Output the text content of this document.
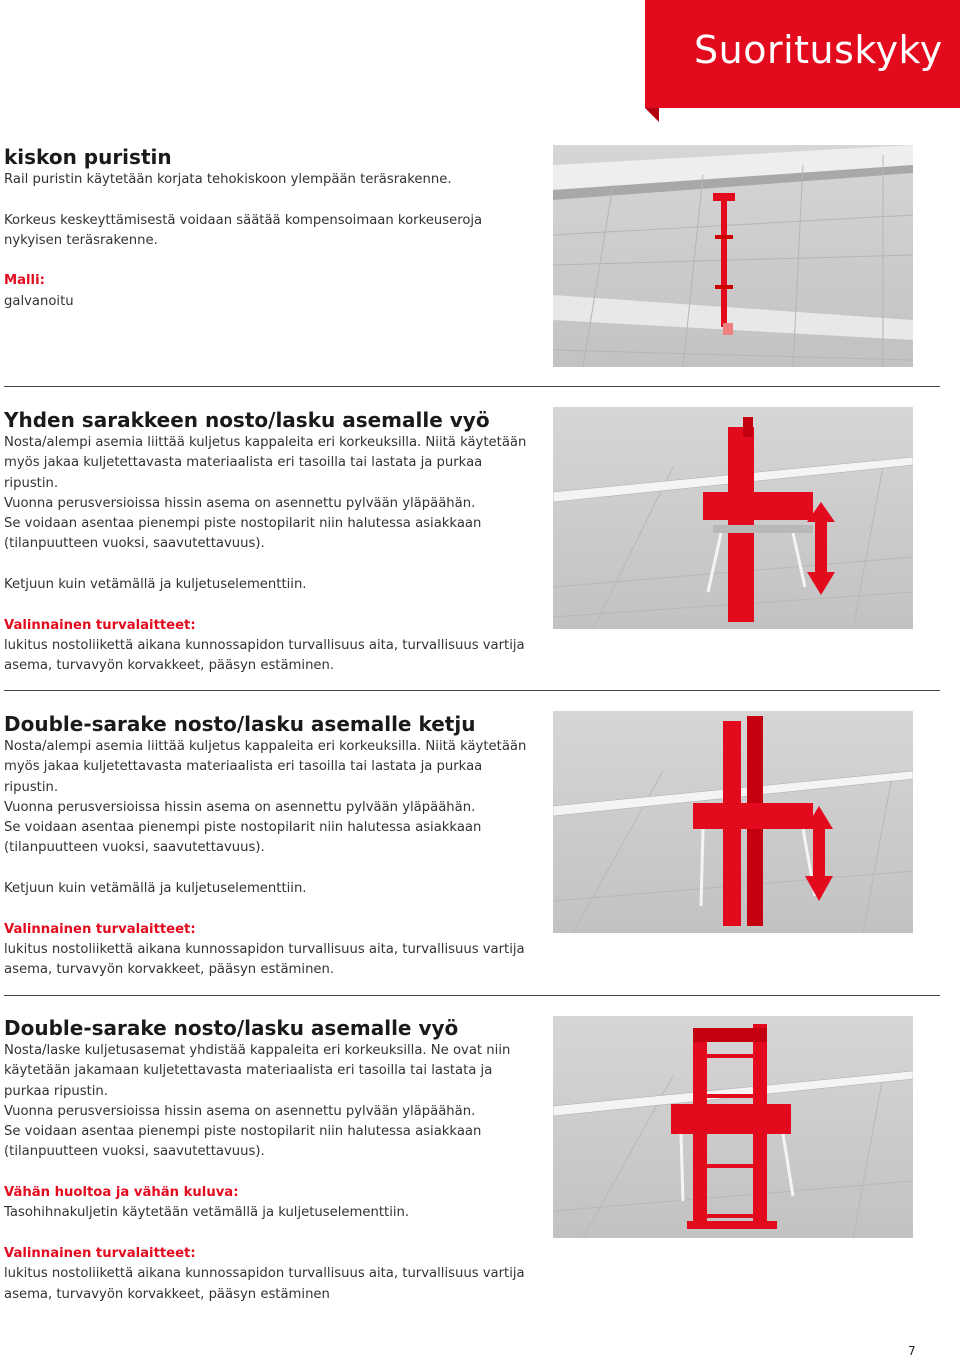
Suorituskyky
kiskon puristin

Rail puristin käytetään korjata tehokiskoon ylempään teräsrakenne.

Korkeus keskeyttämisestä voidaan säätää kompensoimaan korkeuseroja

nykyisen teräsrakenne.

Malli:

galvanoitu

Yhden sarakkeen nosto/lasku asemalle vyö

Nosta/alempi asemia liittää kuljetus kappaleita eri korkeuksilla. Niitä käytetään

myös jakaa kuljetettavasta materiaalista eri tasoilla tai lastata ja purkaa

ripustin.

Vuonna perusversioissa hissin asema on asennettu pylvään yläpäähän.

Se voidaan asentaa pienempi piste nostopilarit niin halutessa asiakkaan

(tilanpuutteen vuoksi, saavutettavuus).

Ketjuun kuin vetämällä ja kuljetuselementtiin.

Valinnainen turvalaitteet:

lukitus nostoliikettä aikana kunnossapidon turvallisuus aita, turvallisuus vartija

asema, turvavyön korvakkeet, pääsyn estäminen.

Double-sarake nosto/lasku asemalle ketju

Nosta/alempi asemia liittää kuljetus kappaleita eri korkeuksilla. Niitä käytetään

myös jakaa kuljetettavasta materiaalista eri tasoilla tai lastata ja purkaa

ripustin.

Vuonna perusversioissa hissin asema on asennettu pylvään yläpäähän.

Se voidaan asentaa pienempi piste nostopilarit niin halutessa asiakkaan

(tilanpuutteen vuoksi, saavutettavuus).

Ketjuun kuin vetämällä ja kuljetuselementtiin.

Valinnainen turvalaitteet:

lukitus nostoliikettä aikana kunnossapidon turvallisuus aita, turvallisuus vartija

asema, turvavyön korvakkeet, pääsyn estäminen.

Double-sarake nosto/lasku asemalle vyö

Nosta/laske kuljetusasemat yhdistää kappaleita eri korkeuksilla. Ne ovat niin

käytetään jakamaan kuljetettavasta materiaalista eri tasoilla tai lastata ja

purkaa ripustin.

Vuonna perusversioissa hissin asema on asennettu pylvään yläpäähän.

Se voidaan asentaa pienempi piste nostopilarit niin halutessa asiakkaan

(tilanpuutteen vuoksi, saavutettavuus).

Vähän huoltoa ja vähän kuluva:

Tasohihnakuljetin käytetään vetämällä ja kuljetuselementtiin.

Valinnainen turvalaitteet:

lukitus nostoliikettä aikana kunnossapidon turvallisuus aita, turvallisuus vartija

asema, turvavyön korvakkeet, pääsyn estäminen

7
